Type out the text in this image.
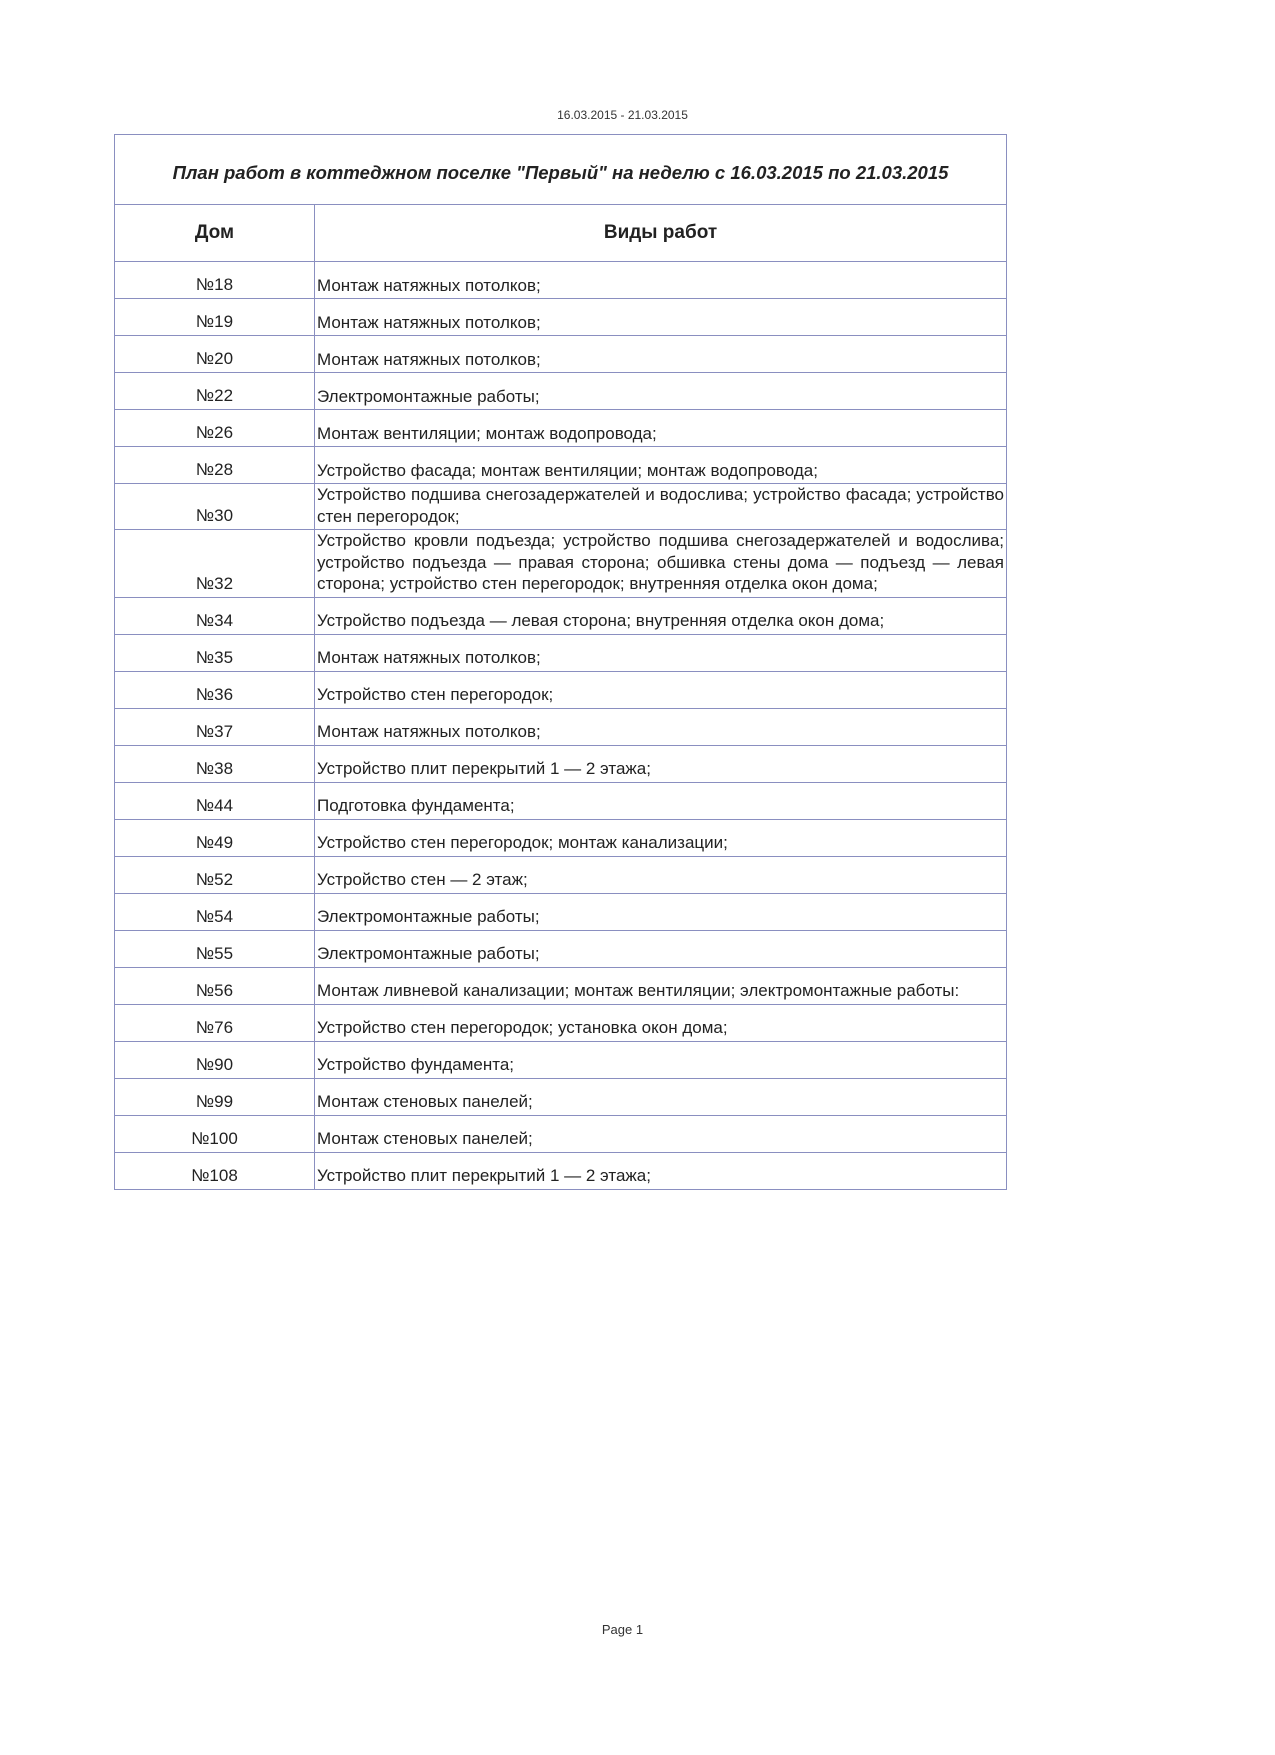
16.03.2015 - 21.03.2015
План работ в коттеджном поселке "Первый" на неделю с 16.03.2015 по 21.03.2015	
Дом	Виды работ
№18	Монтаж натяжных потолков;
№19	Монтаж натяжных потолков;
№20	Монтаж натяжных потолков;
№22	Электромонтажные работы;
№26	Монтаж вентиляции; монтаж водопровода;
№28	Устройство фасада; монтаж вентиляции; монтаж водопровода;
№30	Устройство подшива снегозадержателей и водослива; устройство фасада; устройство стен перегородок;
№32	Устройство кровли подъезда; устройство подшива снегозадержателей и водослива; устройство подъезда — правая сторона; обшивка стены дома — подъезд — левая сторона; устройство стен перегородок; внутренняя отделка окон дома;
№34	Устройство подъезда — левая сторона; внутренняя отделка окон дома;
№35	Монтаж натяжных потолков;
№36	Устройство стен перегородок;
№37	Монтаж натяжных потолков;
№38	Устройство плит перекрытий 1 — 2 этажа;
№44	Подготовка фундамента;
№49	Устройство стен перегородок; монтаж канализации;
№52	Устройство стен — 2 этаж;
№54	Электромонтажные работы;
№55	Электромонтажные работы;
№56	Монтаж ливневой канализации; монтаж вентиляции; электромонтажные работы:
№76	Устройство стен перегородок; установка окон дома;
№90	Устройство фундамента;
№99	Монтаж стеновых панелей;
№100	Монтаж стеновых панелей;
№108	Устройство плит перекрытий 1 — 2 этажа;
Page 1
